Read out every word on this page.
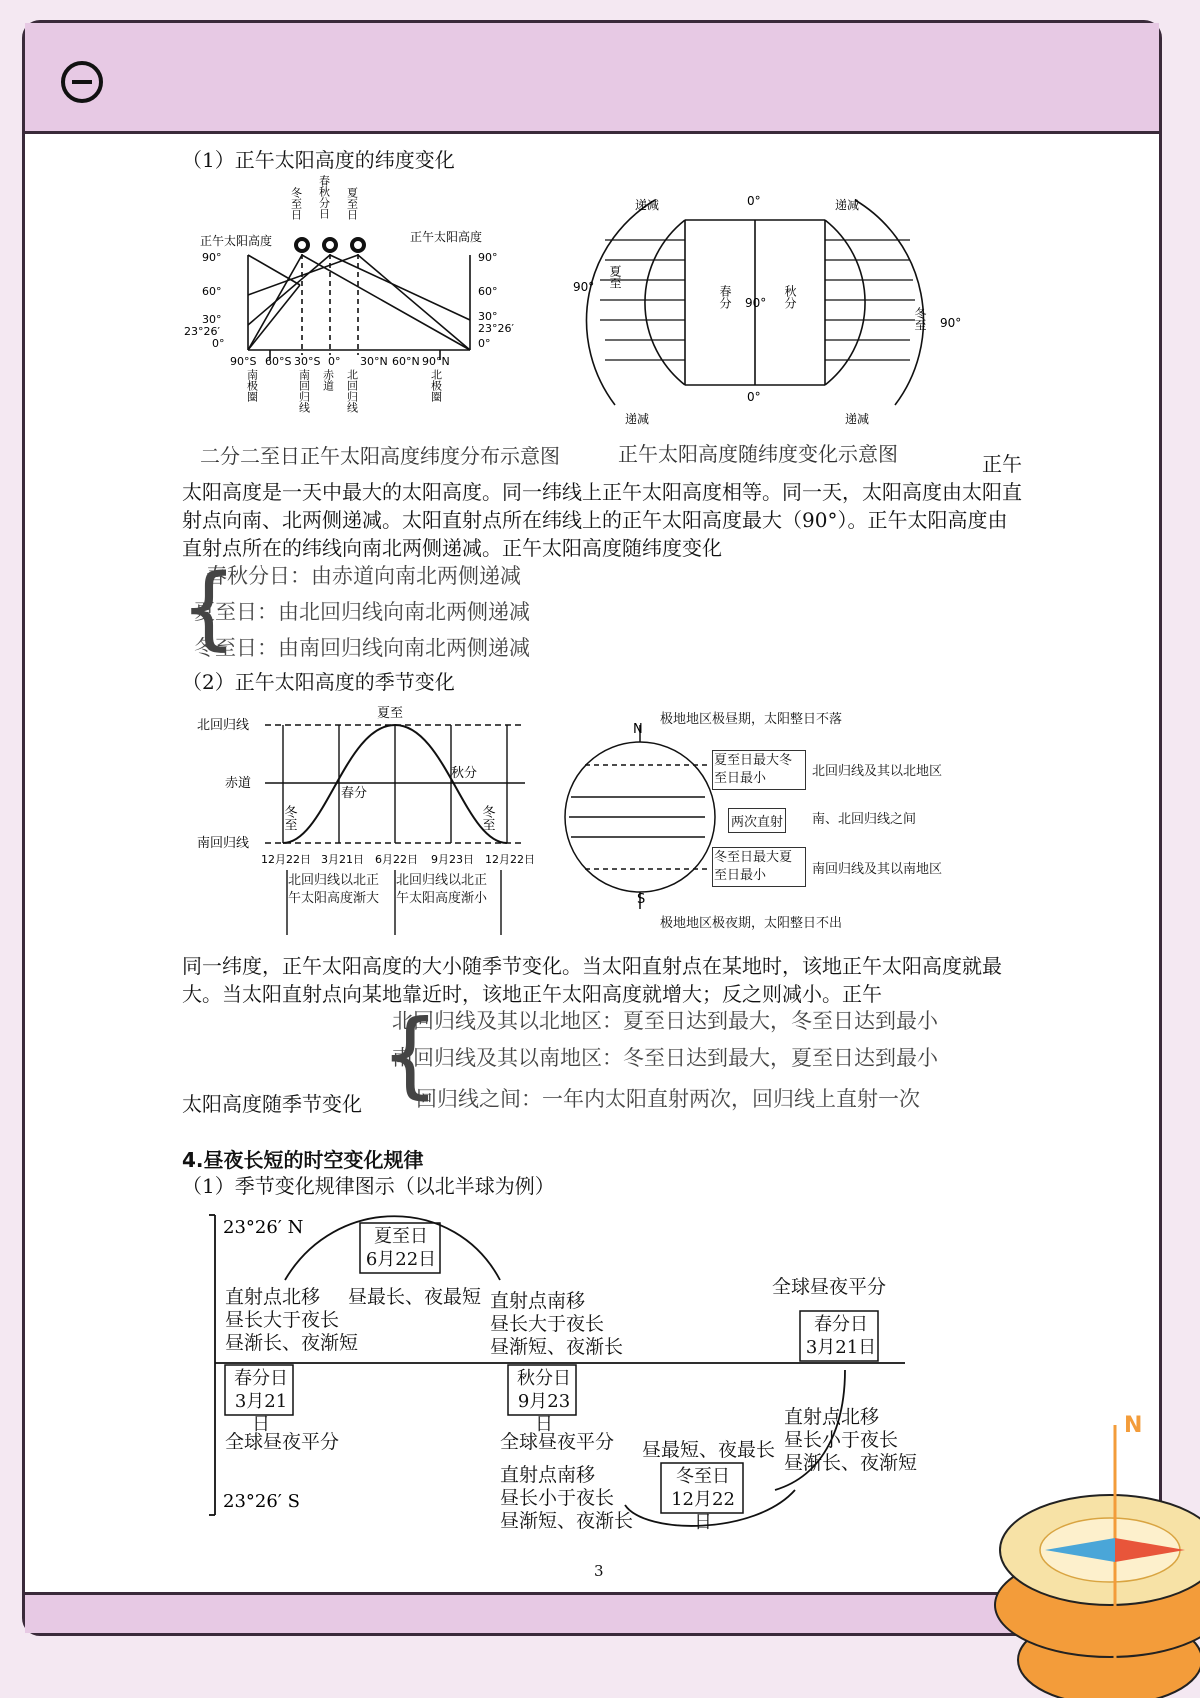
（1）正午太阳高度的纬度变化
正午太阳高度	正午太阳高度
90°
60°
30°
23°26′
0°
90°
60°
30°
23°26′
0°
90°S 60°S 30°S 0° 30°N 60°N 90°N
冬至日 春秋分日 夏至日
南极圈	南回归线 赤道 北回归线	北极圈
二分二至日正午太阳高度纬度分布示意图
递减	递减
递减	递减
0°
0°
90°
90°
90°
夏至
冬至
春分	秋分
正午太阳高度随纬度变化示意图	正午太阳高度是一天中最大的太阳高度。同一纬线上正午太阳高度相等。同一天，太阳高度由太阳直射点向南、北两侧递减。太阳直射点所在纬线上的正午太阳高度最大（90°）。正午太阳高度由直射点所在的纬线向南北两侧递减。正午太阳高度随纬度变化
{
春秋分日：由赤道向南北两侧递减
夏至日：由北回归线向南北两侧递减
冬至日：由南回归线向南北两侧递减
（2）正午太阳高度的季节变化
北回归线
赤道
南回归线
夏至
春分
秋分
冬至	冬至
12月22日 3月21日 6月22日 9月23日 12月22日
北回归线以北正午太阳高度渐大
北回归线以北正午太阳高度渐小
N
S
极地地区极昼期，太阳整日不落
极地地区极夜期，太阳整日不出
夏至日最大冬至日最小
两次直射
冬至日最大夏至日最小
北回归线及其以北地区
南、北回归线之间
南回归线及其以南地区
同一纬度，正午太阳高度的大小随季节变化。当太阳直射点在某地时，该地正午太阳高度就最大。当太阳直射点向某地靠近时，该地正午太阳高度就增大；反之则减小。正午
太阳高度随季节变化 {
北回归线及其以北地区：夏至日达到最大，冬至日达到最小
南回归线及其以南地区：冬至日达到最大，夏至日达到最小
回归线之间：一年内太阳直射两次，回归线上直射一次
4.昼夜长短的时空变化规律
（1）季节变化规律图示（以北半球为例）
23°26′ N
23°26′ S
夏至日
6月22日
春分日
3月21日
秋分日
9月23日
春分日
3月21日
冬至日
12月22日
直射点北移
昼长大于夜长
昼渐长、夜渐短
昼最长、夜最短 直射点南移
昼长大于夜长
昼渐短、夜渐长
全球昼夜平分
全球昼夜平分	全球昼夜平分
直射点南移
昼长小于夜长
昼渐短、夜渐长
昼最短、夜最长
直射点北移
昼长小于夜长
昼渐长、夜渐短
3
N
